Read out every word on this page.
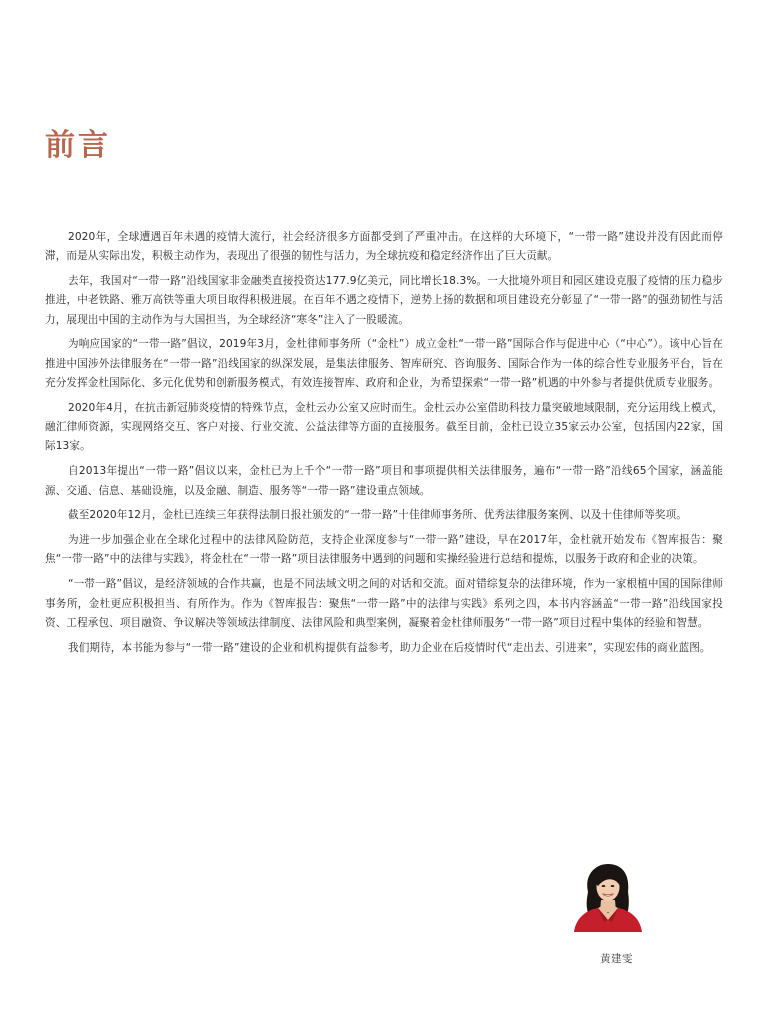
前言

2020年，全球遭遇百年未遇的疫情大流行，社会经济很多方面都受到了严重冲击。在这样的大环境下，“一带一路”建设并没有因此而停滞，而是从实际出发，积极主动作为，表现出了很强的韧性与活力，为全球抗疫和稳定经济作出了巨大贡献。

去年，我国对“一带一路”沿线国家非金融类直接投资达177.9亿美元，同比增长18.3%。一大批境外项目和园区建设克服了疫情的压力稳步推进，中老铁路、雅万高铁等重大项目取得积极进展。在百年不遇之疫情下，逆势上扬的数据和项目建设充分彰显了“一带一路”的强劲韧性与活力，展现出中国的主动作为与大国担当，为全球经济“寒冬”注入了一股暖流。

为响应国家的“一带一路”倡议，2019年3月，金杜律师事务所（“金杜”）成立金杜“一带一路”国际合作与促进中心（“中心”）。该中心旨在推进中国涉外法律服务在“一带一路”沿线国家的纵深发展，是集法律服务、智库研究、咨询服务、国际合作为一体的综合性专业服务平台，旨在充分发挥金杜国际化、多元化优势和创新服务模式，有效连接智库、政府和企业，为希望探索“一带一路”机遇的中外参与者提供优质专业服务。

2020年4月，在抗击新冠肺炎疫情的特殊节点，金杜云办公室又应时而生。金杜云办公室借助科技力量突破地域限制，充分运用线上模式，融汇律师资源，实现网络交互、客户对接、行业交流、公益法律等方面的直接服务。截至目前，金杜已设立35家云办公室，包括国内22家，国际13家。

自2013年提出“一带一路”倡议以来，金杜已为上千个“一带一路”项目和事项提供相关法律服务，遍布“一带一路”沿线65个国家，涵盖能源、交通、信息、基础设施，以及金融、制造、服务等“一带一路”建设重点领域。

截至2020年12月，金杜已连续三年获得法制日报社颁发的“一带一路”十佳律师事务所、优秀法律服务案例、以及十佳律师等奖项。

为进一步加强企业在全球化过程中的法律风险防范，支持企业深度参与“一带一路”建设，早在2017年，金杜就开始发布《智库报告：聚焦“一带一路”中的法律与实践》，将金杜在“一带一路”项目法律服务中遇到的问题和实操经验进行总结和提炼，以服务于政府和企业的决策。

“一带一路”倡议，是经济领域的合作共赢，也是不同法域文明之间的对话和交流。面对错综复杂的法律环境，作为一家根植中国的国际律师事务所，金杜更应积极担当、有所作为。作为《智库报告：聚焦“一带一路”中的法律与实践》系列之四，本书内容涵盖“一带一路”沿线国家投资、工程承包、项目融资、争议解决等领域法律制度、法律风险和典型案例，凝聚着金杜律师服务“一带一路”项目过程中集体的经验和智慧。

我们期待，本书能为参与“一带一路”建设的企业和机构提供有益参考，助力企业在后疫情时代“走出去、引进来”，实现宏伟的商业蓝图。

黄建雯
